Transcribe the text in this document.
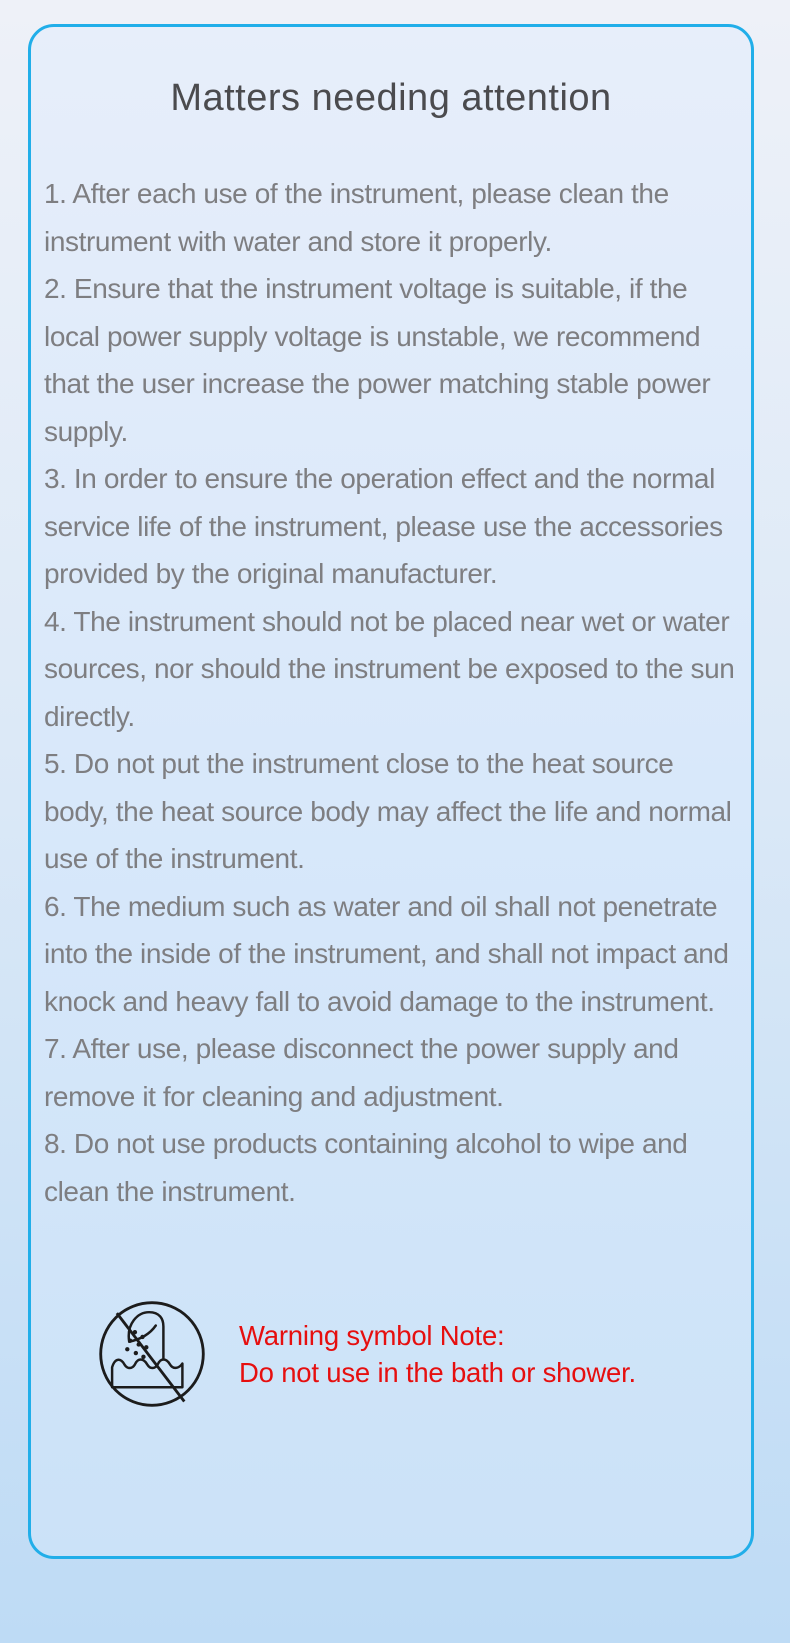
Matters needing attention

1. After each use of the instrument, please clean the instrument with water and store it properly.

2. Ensure that the instrument voltage is suitable, if the local power supply voltage is unstable, we recommend that the user increase the power matching stable power supply.

3. In order to ensure the operation effect and the normal service life of the instrument, please use the accessories provided by the original manufacturer.

4. The instrument should not be placed near wet or water sources, nor should the instrument be exposed to the sun directly.

5. Do not put the instrument close to the heat source body, the heat source body may affect the life and normal use of the instrument.

6. The medium such as water and oil shall not penetrate into the inside of the instrument, and shall not impact and knock and heavy fall to avoid damage to the instrument.

7. After use, please disconnect the power supply and remove it for cleaning and adjustment.

8. Do not use products containing alcohol to wipe and clean the instrument.

Warning symbol Note:
Do not use in the bath or shower.
